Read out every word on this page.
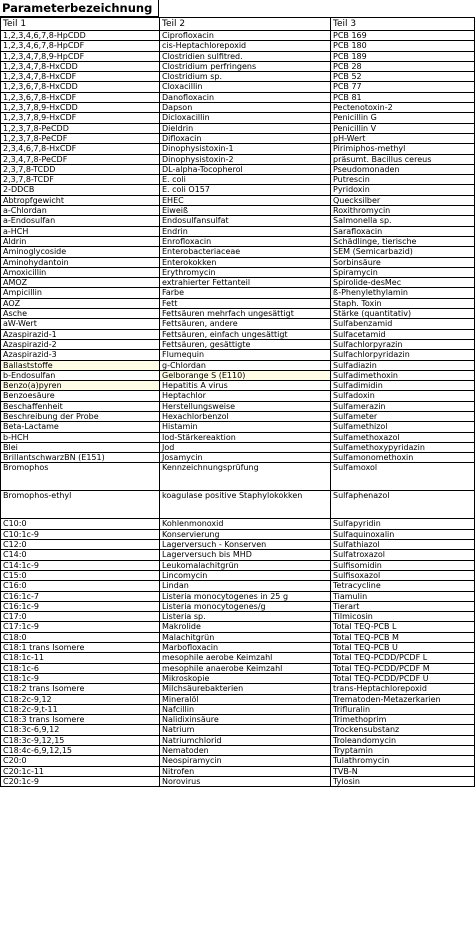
Parameterbezeichnung
Teil 1	Teil 2	Teil 3
1,2,3,4,6,7,8-HpCDD	Ciprofloxacin	PCB 169
1,2,3,4,6,7,8-HpCDF	cis-Heptachlorepoxid	PCB 180
1,2,3,4,7,8,9-HpCDF	Clostridien sulfitred.	PCB 189
1,2,3,4,7,8-HxCDD	Clostridium perfringens	PCB 28
1,2,3,4,7,8-HxCDF	Clostridium sp.	PCB 52
1,2,3,6,7,8-HxCDD	Cloxacillin	PCB 77
1,2,3,6,7,8-HxCDF	Danofloxacin	PCB 81
1,2,3,7,8,9-HxCDD	Dapson	Pectenotoxin-2
1,2,3,7,8,9-HxCDF	Dicloxacillin	Penicillin G
1,2,3,7,8-PeCDD	Dieldrin	Penicillin V
1,2,3,7,8-PeCDF	Difloxacin	pH-Wert
2,3,4,6,7,8-HxCDF	Dinophysistoxin-1	Pirimiphos-methyl
2,3,4,7,8-PeCDF	Dinophysistoxin-2	präsumt. Bacillus cereus
2,3,7,8-TCDD	DL-alpha-Tocopherol	Pseudomonaden
2,3,7,8-TCDF	E. coli	Putrescin
2-DDCB	E. coli O157	Pyridoxin
Abtropfgewicht	EHEC	Quecksilber
a-Chlordan	Eiweiß	Roxithromycin
a-Endosulfan	Endosulfansulfat	Salmonella sp.
a-HCH	Endrin	Sarafloxacin
Aldrin	Enrofloxacin	Schädlinge, tierische
Aminoglycoside	Enterobacteriaceae	SEM (Semicarbazid)
Aminohydantoin	Enterokokken	Sorbinsäure
Amoxicillin	Erythromycin	Spiramycin
AMOZ	extrahierter Fettanteil	Spirolide-desMec
Ampicillin	Farbe	ß-Phenylethylamin
AOZ	Fett	Staph. Toxin
Asche	Fettsäuren mehrfach ungesättigt	Stärke (quantitativ)
aW-Wert	Fettsäuren, andere	Sulfabenzamid
Azaspirazid-1	Fettsäuren, einfach ungesättigt	Sulfacetamid
Azaspirazid-2	Fettsäuren, gesättigte	Sulfachlorpyrazin
Azaspirazid-3	Flumequin	Sulfachlorpyridazin
Ballaststoffe	g-Chlordan	Sulfadiazin
b-Endosulfan	Gelborange S (E110)	Sulfadimethoxin
Benzo(a)pyren	Hepatitis A virus	Sulfadimidin
Benzoesäure	Heptachlor	Sulfadoxin
Beschaffenheit	Herstellungsweise	Sulfamerazin
Beschreibung der Probe	Hexachlorbenzol	Sulfameter
Beta-Lactame	Histamin	Sulfamethizol
b-HCH	Iod-Stärkereaktion	Sulfamethoxazol
Blei	Jod	Sulfamethoxypyridazin
BrillantschwarzBN (E151)	Josamycin	Sulfamonomethoxin
Bromophos	Kennzeichnungsprüfung	Sulfamoxol
Bromophos-ethyl	koagulase positive Staphylokokken	Sulfaphenazol
C10:0	Kohlenmonoxid	Sulfapyridin
C10:1c-9	Konservierung	Sulfaquinoxalin
C12:0	Lagerversuch - Konserven	Sulfathiazol
C14:0	Lagerversuch bis MHD	Sulfatroxazol
C14:1c-9	Leukomalachitgrün	Sulfisomidin
C15:0	Lincomycin	Sulfisoxazol
C16:0	Lindan	Tetracycline
C16:1c-7	Listeria monocytogenes in 25 g	Tiamulin
C16:1c-9	Listeria monocytogenes/g	Tierart
C17:0	Listeria sp.	Tilmicosin
C17:1c-9	Makrolide	Total TEQ-PCB L
C18:0	Malachitgrün	Total TEQ-PCB M
C18:1 trans Isomere	Marbofloxacin	Total TEQ-PCB U
C18:1c-11	mesophile aerobe Keimzahl	Total TEQ-PCDD/PCDF L
C18:1c-6	mesophile anaerobe Keimzahl	Total TEQ-PCDD/PCDF M
C18:1c-9	Mikroskopie	Total TEQ-PCDD/PCDF U
C18:2 trans Isomere	Milchsäurebakterien	trans-Heptachlorepoxid
C18:2c-9,12	Mineralöl	Trematoden-Metazerkarien
C18:2c-9,t-11	Nafcillin	Trifluralin
C18:3 trans Isomere	Nalidixinsäure	Trimethoprim
C18:3c-6,9,12	Natrium	Trockensubstanz
C18:3c-9,12,15	Natriumchlorid	Troleandomycin
C18:4c-6,9,12,15	Nematoden	Tryptamin
C20:0	Neospiramycin	Tulathromycin
C20:1c-11	Nitrofen	TVB-N
C20:1c-9	Norovirus	Tylosin
